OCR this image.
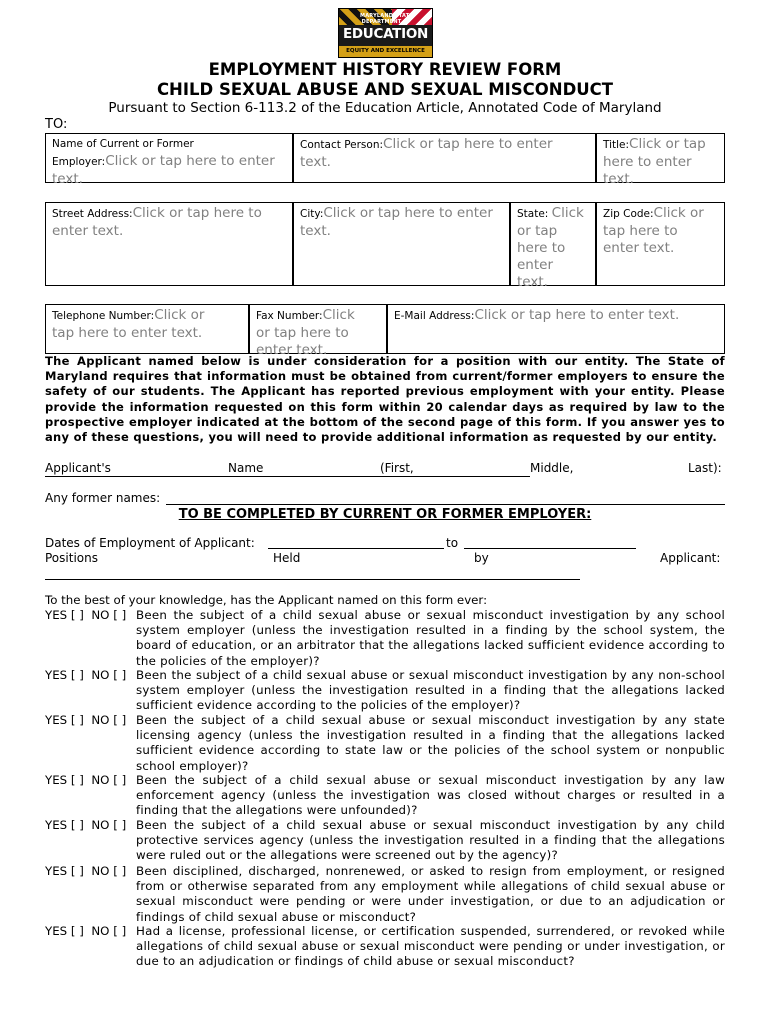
MARYLAND STATE DEPARTMENT OF
EDUCATION
EQUITY AND EXCELLENCE
EMPLOYMENT HISTORY REVIEW FORM
CHILD SEXUAL ABUSE AND SEXUAL MISCONDUCT
Pursuant to Section 6-113.2 of the Education Article, Annotated Code of Maryland
TO:
Name of Current or Former
Employer:Click or tap here to enter
text.
Contact Person:Click or tap here to enter
text.
Title:Click or tap
here to enter
text.
Street Address:Click or tap here to
enter text.
City:Click or tap here to enter
text.
State: Click
or tap
here to
enter
text.
Zip Code:Click or
tap here to
enter text.
Telephone Number:Click or
tap here to enter text.
Fax Number:Click
or tap here to
enter text.
E-Mail Address:Click or tap here to enter text.
The Applicant named below is under consideration for a position with our entity. The State of Maryland requires that information must be obtained from current/former employers to ensure the safety of our students. The Applicant has reported previous employment with your entity. Please provide the information requested on this form within 20 calendar days as required by law to the prospective employer indicated at the bottom of the second page of this form. If you answer yes to any of these questions, you will need to provide additional information as requested by our entity.
Applicant's	Name	(First,	Middle,	Last):
Any former names:
TO BE COMPLETED BY CURRENT OR FORMER EMPLOYER:
Dates of Employment of Applicant:	to
Positions	Held	by	Applicant:
To the best of your knowledge, has the Applicant named on this form ever:
YES [ ]  NO [ ] Been the subject of a child sexual abuse or sexual misconduct investigation by any school system employer (unless the investigation resulted in a finding by the school system, the board of education, or an arbitrator that the allegations lacked sufficient evidence according to the policies of the employer)?
YES [ ]  NO [ ] Been the subject of a child sexual abuse or sexual misconduct investigation by any non-school system employer (unless the investigation resulted in a finding that the allegations lacked sufficient evidence according to the policies of the employer)?
YES [ ]  NO [ ] Been the subject of a child sexual abuse or sexual misconduct investigation by any state licensing agency (unless the investigation resulted in a finding that the allegations lacked sufficient evidence according to state law or the policies of the school system or nonpublic school employer)?
YES [ ]  NO [ ] Been the subject of a child sexual abuse or sexual misconduct investigation by any law enforcement agency (unless the investigation was closed without charges or resulted in a finding that the allegations were unfounded)?
YES [ ]  NO [ ] Been the subject of a child sexual abuse or sexual misconduct investigation by any child protective services agency (unless the investigation resulted in a finding that the allegations were ruled out or the allegations were screened out by the agency)?
YES [ ]  NO [ ] Been disciplined, discharged, nonrenewed, or asked to resign from employment, or resigned from or otherwise separated from any employment while allegations of child sexual abuse or sexual misconduct were pending or were under investigation, or due to an adjudication or findings of child sexual abuse or misconduct?
YES [ ]  NO [ ] Had a license, professional license, or certification suspended, surrendered, or revoked while allegations of child sexual abuse or sexual misconduct were pending or under investigation, or due to an adjudication or findings of child abuse or sexual misconduct?
